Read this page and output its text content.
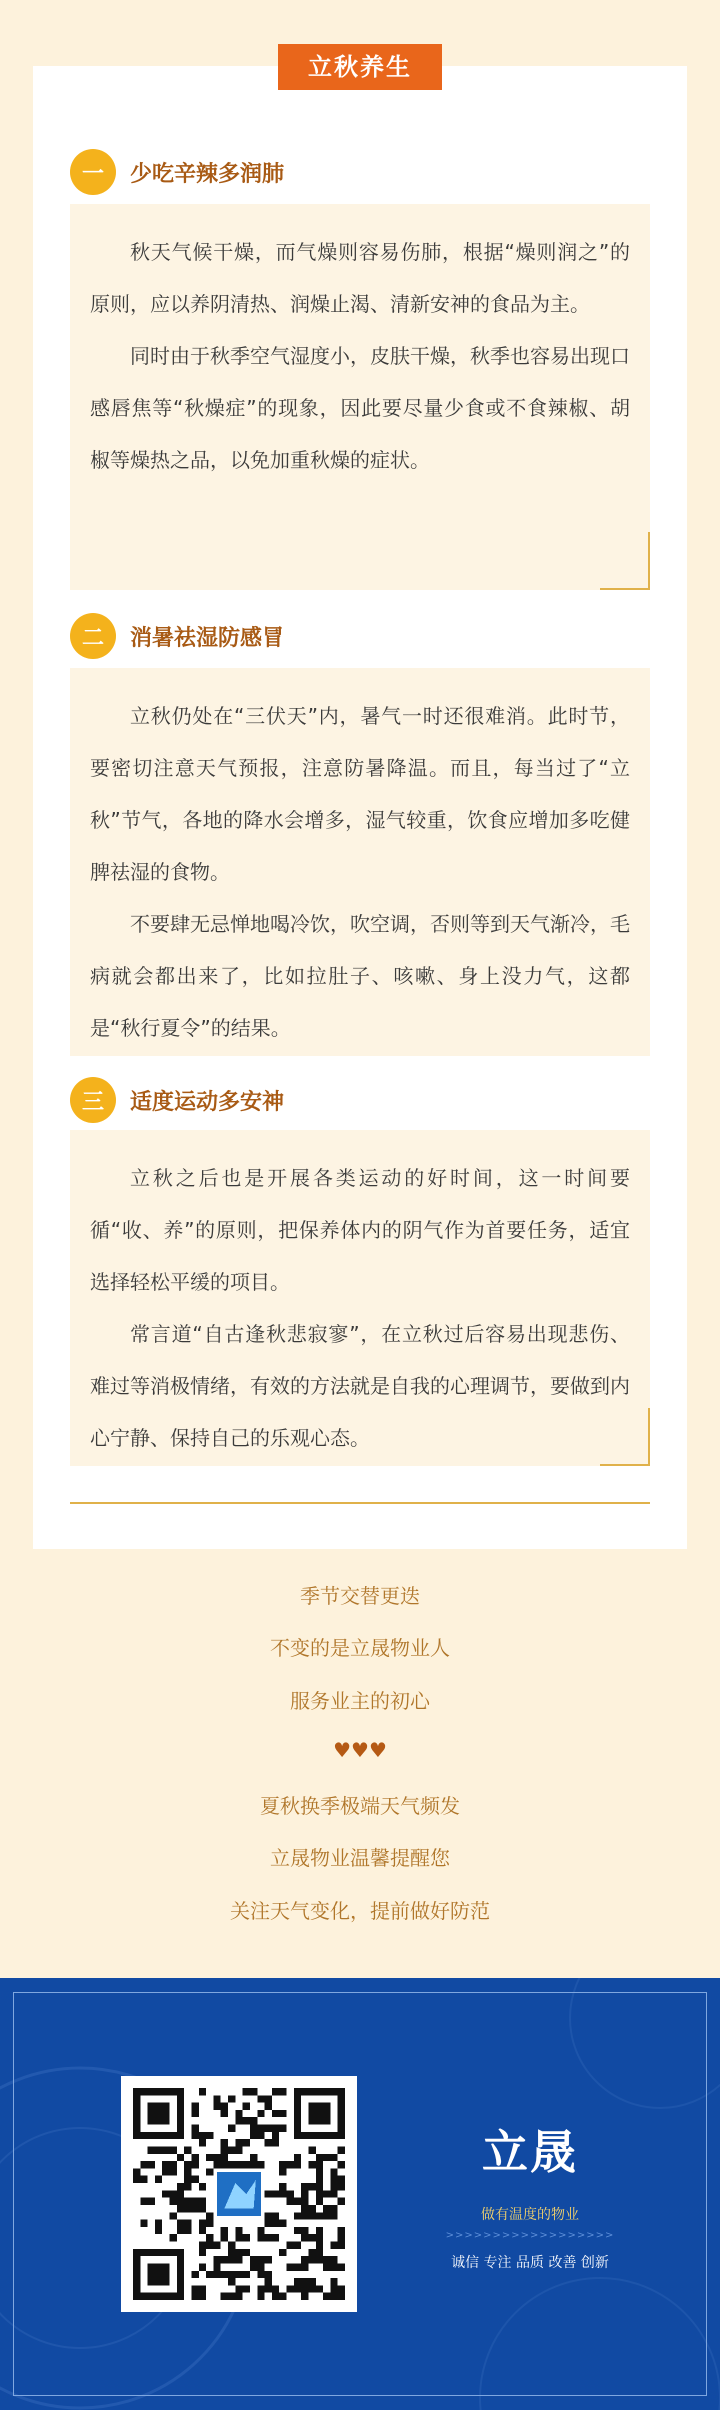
立秋养生
一	少吃辛辣多润肺

秋天气候干燥，而气燥则容易伤肺，根据“燥则润之”的原则，应以养阴清热、润燥止渴、清新安神的食品为主。

同时由于秋季空气湿度小，皮肤干燥，秋季也容易出现口感唇焦等“秋燥症”的现象，因此要尽量少食或不食辣椒、胡椒等燥热之品，以免加重秋燥的症状。

二	消暑祛湿防感冒

立秋仍处在“三伏天”内，暑气一时还很难消。此时节，要密切注意天气预报，注意防暑降温。而且，每当过了“立秋”节气，各地的降水会增多，湿气较重，饮食应增加多吃健脾祛湿的食物。

不要肆无忌惮地喝冷饮，吹空调，否则等到天气渐冷，毛病就会都出来了，比如拉肚子、咳嗽、身上没力气，这都是“秋行夏令”的结果。

三	适度运动多安神

立秋之后也是开展各类运动的好时间，这一时间要循“收、养”的原则，把保养体内的阴气作为首要任务，适宜选择轻松平缓的项目。

常言道“自古逢秋悲寂寥”，在立秋过后容易出现悲伤、难过等消极情绪，有效的方法就是自我的心理调节，要做到内心宁静、保持自己的乐观心态。

季节交替更迭
不变的是立晟物业人
服务业主的初心
♥♥♥
夏秋换季极端天气频发
立晟物业温馨提醒您
关注天气变化，提前做好防范
立晟
做有温度的物业
>>>>>>>>>>>>>>>>>>
诚信 专注 品质 改善 创新
